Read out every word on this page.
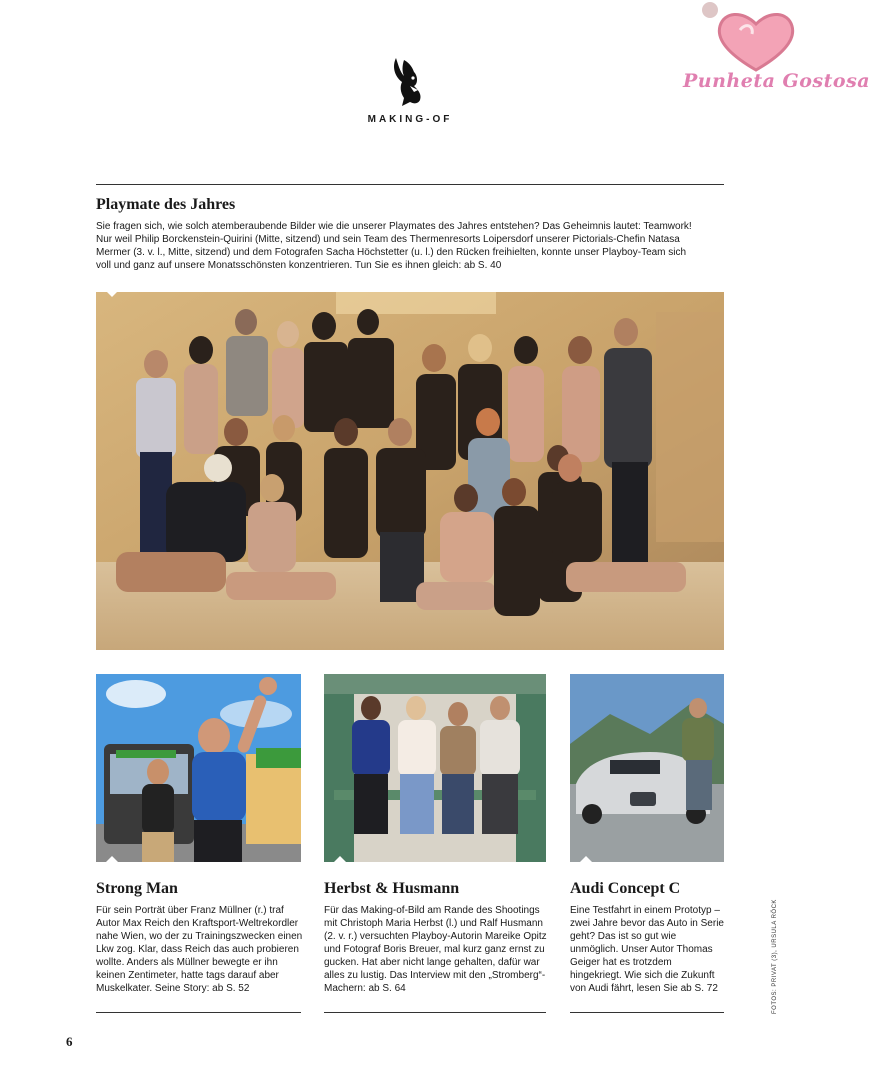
MAKING-OF
Punheta Gostosa
Playmate des Jahres

Sie fragen sich, wie solch atemberaubende Bilder wie die unserer Playmates des Jahres entstehen? Das Geheimnis lautet: Teamwork! Nur weil Philip Borckenstein-Quirini (Mitte, sitzend) und sein Team des Thermenresorts Loipersdorf unserer Pictorials-Chefin Natasa Mermer (3. v. l., Mitte, sitzend) und dem Fotografen Sacha Höchstetter (u. l.) den Rücken freihielten, konnte unser Playboy-Team sich voll und ganz auf unsere Monatsschönsten konzentrieren. Tun Sie es ihnen gleich: ab S. 40

Strong Man

Für sein Porträt über Franz Müllner (r.) traf Autor Max Reich den Kraftsport-Weltrekordler nahe Wien, wo der zu Trainingszwecken einen Lkw zog. Klar, dass Reich das auch probieren wollte. Anders als Müllner bewegte er ihn keinen Zentimeter, hatte tags darauf aber Muskelkater. Seine Story: ab S. 52

Herbst & Husmann

Für das Making-of-Bild am Rande des Shootings mit Christoph Maria Herbst (l.) und Ralf Husmann (2. v. r.) versuchten Playboy-Autorin Mareike Opitz und Fotograf Boris Breuer, mal kurz ganz ernst zu gucken. Hat aber nicht lange gehalten, dafür war alles zu lustig. Das Interview mit den „Stromberg“-Machern: ab S. 64

Audi Concept C

Eine Testfahrt in einem Prototyp – zwei Jahre bevor das Auto in Serie geht? Das ist so gut wie unmöglich. Unser Autor Thomas Geiger hat es trotzdem hingekriegt. Wie sich die Zukunft von Audi fährt, lesen Sie ab S. 72	FOTOS: PRIVAT (3), URSULA RÖCK
6
